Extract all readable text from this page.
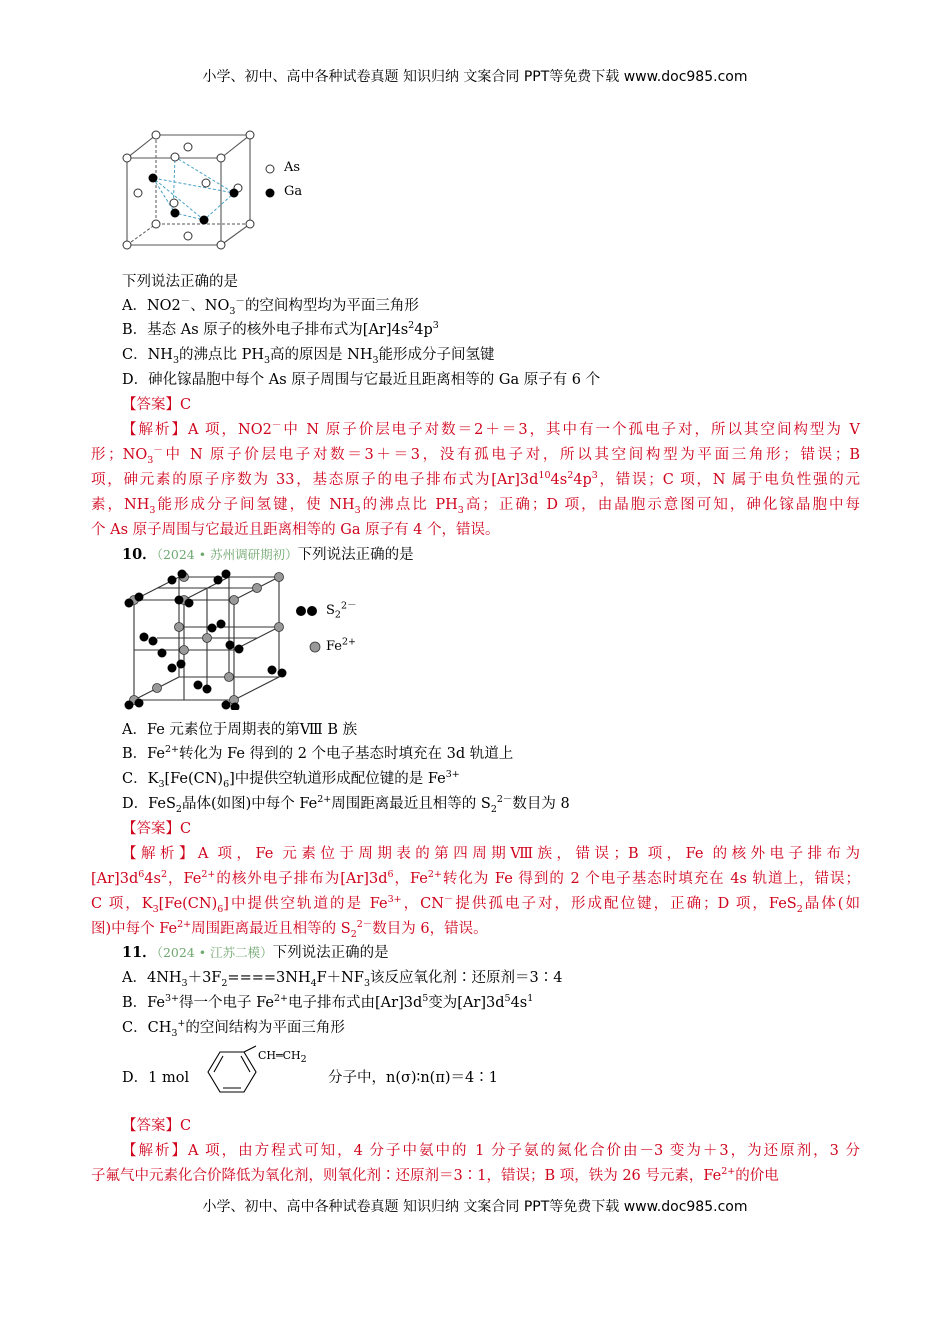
小学、初中、高中各种试卷真题 知识归纳 文案合同 PPT等免费下载 www.doc985.com
As
Ga
下列说法正确的是
A．NO2－、$NO_3^-$的空间构型均为平面三角形
B．基态 As 原子的核外电子排布式为$[Ar]4s^24p^3$
C．$NH_3$的沸点比 $PH_3$高的原因是 $NH_3$能形成分子间氢键
D．砷化镓晶胞中每个 As 原子周围与它最近且距离相等的 Ga 原子有 6 个
【答案】C
【解析】A 项，NO2－中 N 原子价层电子对数＝2＋＝3，其中有一个孤电子对，所以其空间构型为 V
形；$NO_3^-$中 N 原子价层电子对数＝3＋＝3，没有孤电子对，所以其空间构型为平面三角形；错误；B
项，砷元素的原子序数为 33，基态原子的电子排布式为$[Ar]3d^{10}4s^24p^3$，错误；C 项，N 属于电负性强的元
素，$NH_3$能形成分子间氢键，使 $NH_3$的沸点比 $PH_3$高；正确；D 项，由晶胞示意图可知，砷化镓晶胞中每
个 As 原子周围与它最近且距离相等的 Ga 原子有 4 个，错误。
10．（2024 • 苏州调研期初）下列说法正确的是
$S_2^{2-}$
$Fe^{2+}$
A．Fe 元素位于周期表的第Ⅷ B 族
B．$Fe^{2+}$转化为 Fe 得到的 2 个电子基态时填充在 3d 轨道上
C．$K_3[Fe(CN)_6]$中提供空轨道形成配位键的是 $Fe^{3+}$
D．FeS$_2$晶体(如图)中每个 $Fe^{2+}$周围距离最近且相等的 $S_2^{2-}$数目为 8
【答案】C
【解析】A 项，Fe 元素位于周期表的第四周期Ⅷ族，错误；B 项，Fe 的核外电子排布为
$[Ar]3d^64s^2$，$Fe^{2+}$的核外电子排布为$[Ar]3d^6$，$Fe^{2+}$转化为 Fe 得到的 2 个电子基态时填充在 4s 轨道上，错误；
C 项，$K_3[Fe(CN)_6]$中提供空轨道的是 $Fe^{3+}$，CN－提供孤电子对，形成配位键，正确；D 项，FeS$_2$晶体(如
图)中每个 $Fe^{2+}$周围距离最近且相等的 $S_2^{2-}$数目为 6，错误。
11．（2024 • 江苏二模）下列说法正确的是
A．$4NH_3+3F_2====3NH_4F+NF_3$该反应氧化剂∶还原剂＝3∶4
B．$Fe^{3+}$得一个电子 $Fe^{2+}$电子排布式由$[Ar]3d^5$变为$[Ar]3d^54s^1$
C．$CH_3^+$的空间结构为平面三角形
D．1 mol
$CH═CH_2$
分子中，n(σ)∶n(π)＝4∶1
【答案】C
【解析】A 项，由方程式可知，4 分子中氨中的 1 分子氨的氮化合价由－3 变为＋3，为还原剂，3 分
子氟气中元素化合价降低为氧化剂，则氧化剂∶还原剂＝3∶1，错误；B 项，铁为 26 号元素，$Fe^{2+}$的价电
小学、初中、高中各种试卷真题 知识归纳 文案合同 PPT等免费下载 www.doc985.com
